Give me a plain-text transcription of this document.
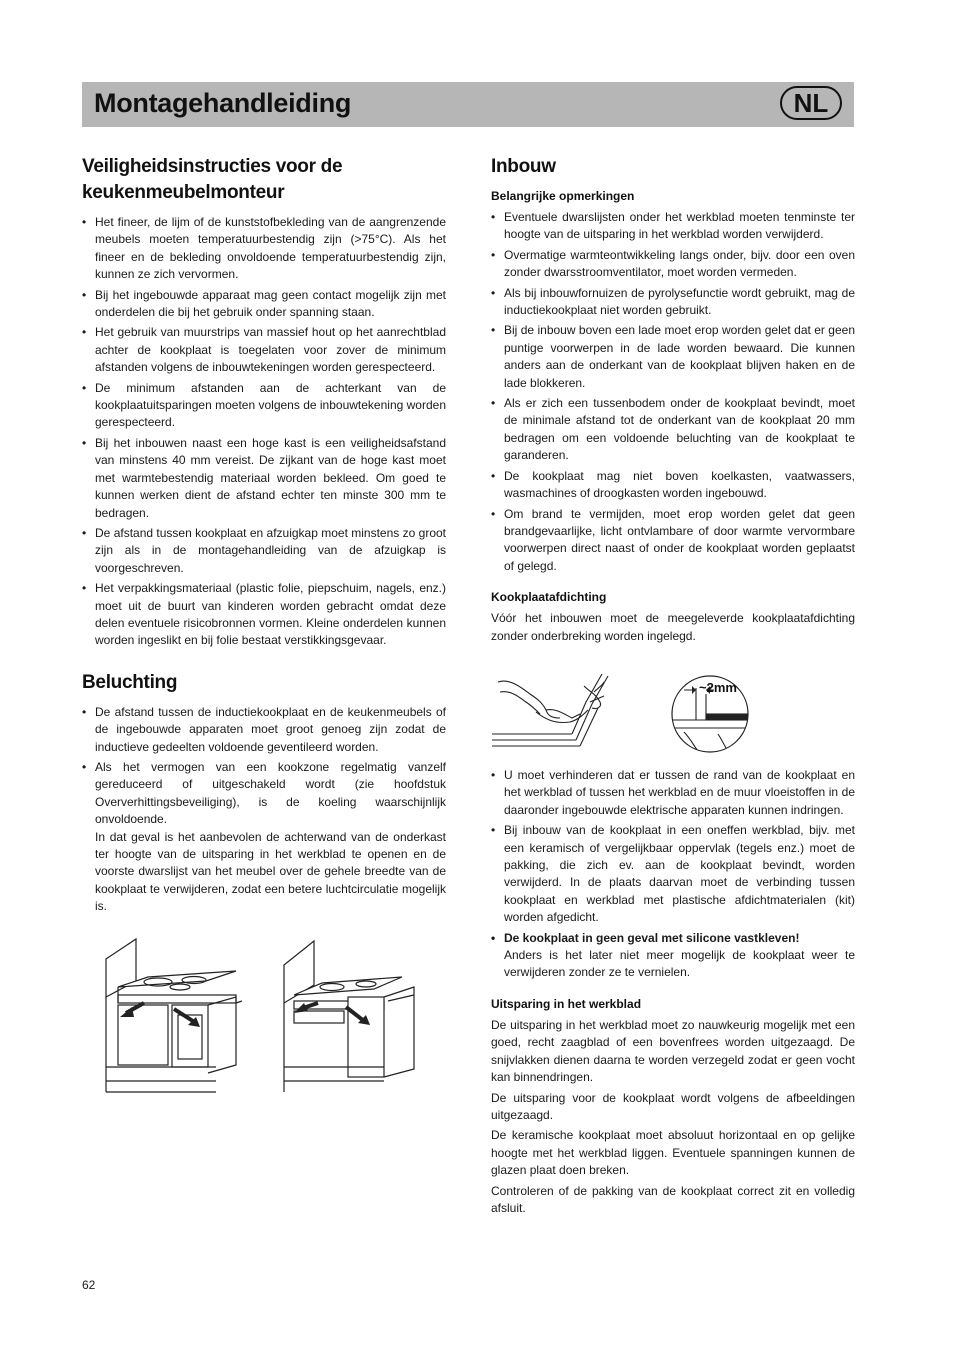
Montagehandleiding	NL
Veiligheidsinstructies voor de keukenmeubelmonteur
• Het fineer, de lijm of de kunststofbekleding van de aangrenzende meubels moeten temperatuurbestendig zijn (>75°C). Als het fineer en de bekleding onvoldoende temperatuurbestendig zijn, kunnen ze zich vervormen.
• Bij het ingebouwde apparaat mag geen contact mogelijk zijn met onderdelen die bij het gebruik onder spanning staan.
• Het gebruik van muurstrips van massief hout op het aanrechtblad achter de kookplaat is toegelaten voor zover de minimum afstanden volgens de inbouwtekeningen worden gerespecteerd.
• De minimum afstanden aan de achterkant van de kookplaatuitsparingen moeten volgens de inbouwtekening worden gerespecteerd.
• Bij het inbouwen naast een hoge kast is een veiligheidsafstand van minstens 40 mm vereist. De zijkant van de hoge kast moet met warmtebestendig materiaal worden bekleed. Om goed te kunnen werken dient de afstand echter ten minste 300 mm te bedragen.
• De afstand tussen kookplaat en afzuigkap moet minstens zo groot zijn als in de montagehandleiding van de afzuigkap is voorgeschreven.
• Het verpakkingsmateriaal (plastic folie, piepschuim, nagels, enz.) moet uit de buurt van kinderen worden gebracht omdat deze delen eventuele risicobronnen vormen. Kleine onderdelen kunnen worden ingeslikt en bij folie bestaat verstikkingsgevaar.
Beluchting
• De afstand tussen de inductiekookplaat en de keukenmeubels of de ingebouwde apparaten moet groot genoeg zijn zodat de inductieve gedeelten voldoende geventileerd worden.
• Als het vermogen van een kookzone regelmatig vanzelf gereduceerd of uitgeschakeld wordt (zie hoofdstuk Oververhittingsbeveiliging), is de koeling waarschijnlijk onvoldoende.

In dat geval is het aanbevolen de achterwand van de onderkast ter hoogte van de uitsparing in het werkblad te openen en de voorste dwarslijst van het meubel over de gehele breedte van de kookplaat te verwijderen, zodat een betere luchtcirculatie mogelijk is.

Inbouw
Belangrijke opmerkingen
• Eventuele dwarslijsten onder het werkblad moeten tenminste ter hoogte van de uitsparing in het werkblad worden verwijderd.
• Overmatige warmteontwikkeling langs onder, bijv. door een oven zonder dwarsstroomventilator, moet worden vermeden.
• Als bij inbouwfornuizen de pyrolysefunctie wordt gebruikt, mag de inductiekookplaat niet worden gebruikt.
• Bij de inbouw boven een lade moet erop worden gelet dat er geen puntige voorwerpen in de lade worden bewaard. Die kunnen anders aan de onderkant van de kookplaat blijven haken en de lade blokkeren.
• Als er zich een tussenbodem onder de kookplaat bevindt, moet de minimale afstand tot de onderkant van de kookplaat 20 mm bedragen om een voldoende beluchting van de kookplaat te garanderen.
• De kookplaat mag niet boven koelkasten, vaatwassers, wasmachines of droogkasten worden ingebouwd.
• Om brand te vermijden, moet erop worden gelet dat geen brandgevaarlijke, licht ontvlambare of door warmte vervormbare voorwerpen direct naast of onder de kookplaat worden geplaatst of gelegd.
Kookplaatafdichting

Vóór het inbouwen moet de meegeleverde kookplaatafdichting zonder onderbreking worden ingelegd.

~2mm
• U moet verhinderen dat er tussen de rand van de kookplaat en het werkblad of tussen het werkblad en de muur vloeistoffen in de daaronder ingebouwde elektrische apparaten kunnen indringen.
• Bij inbouw van de kookplaat in een oneffen werkblad, bijv. met een keramisch of vergelijkbaar oppervlak (tegels enz.) moet de pakking, die zich ev. aan de kookplaat bevindt, worden verwijderd. In de plaats daarvan moet de verbinding tussen kookplaat en werkblad met plastische afdichtmaterialen (kit) worden afgedicht.
• De kookplaat in geen geval met silicone vastkleven!
Anders is het later niet meer mogelijk de kookplaat weer te verwijderen zonder ze te vernielen.
Uitsparing in het werkblad

De uitsparing in het werkblad moet zo nauwkeurig mogelijk met een goed, recht zaagblad of een bovenfrees worden uitgezaagd. De snijvlakken dienen daarna te worden verzegeld zodat er geen vocht kan binnendringen.

De uitsparing voor de kookplaat wordt volgens de afbeeldingen uitgezaagd.

De keramische kookplaat moet absoluut horizontaal en op gelijke hoogte met het werkblad liggen. Eventuele spanningen kunnen de glazen plaat doen breken.

Controleren of de pakking van de kookplaat correct zit en volledig afsluit.

62
